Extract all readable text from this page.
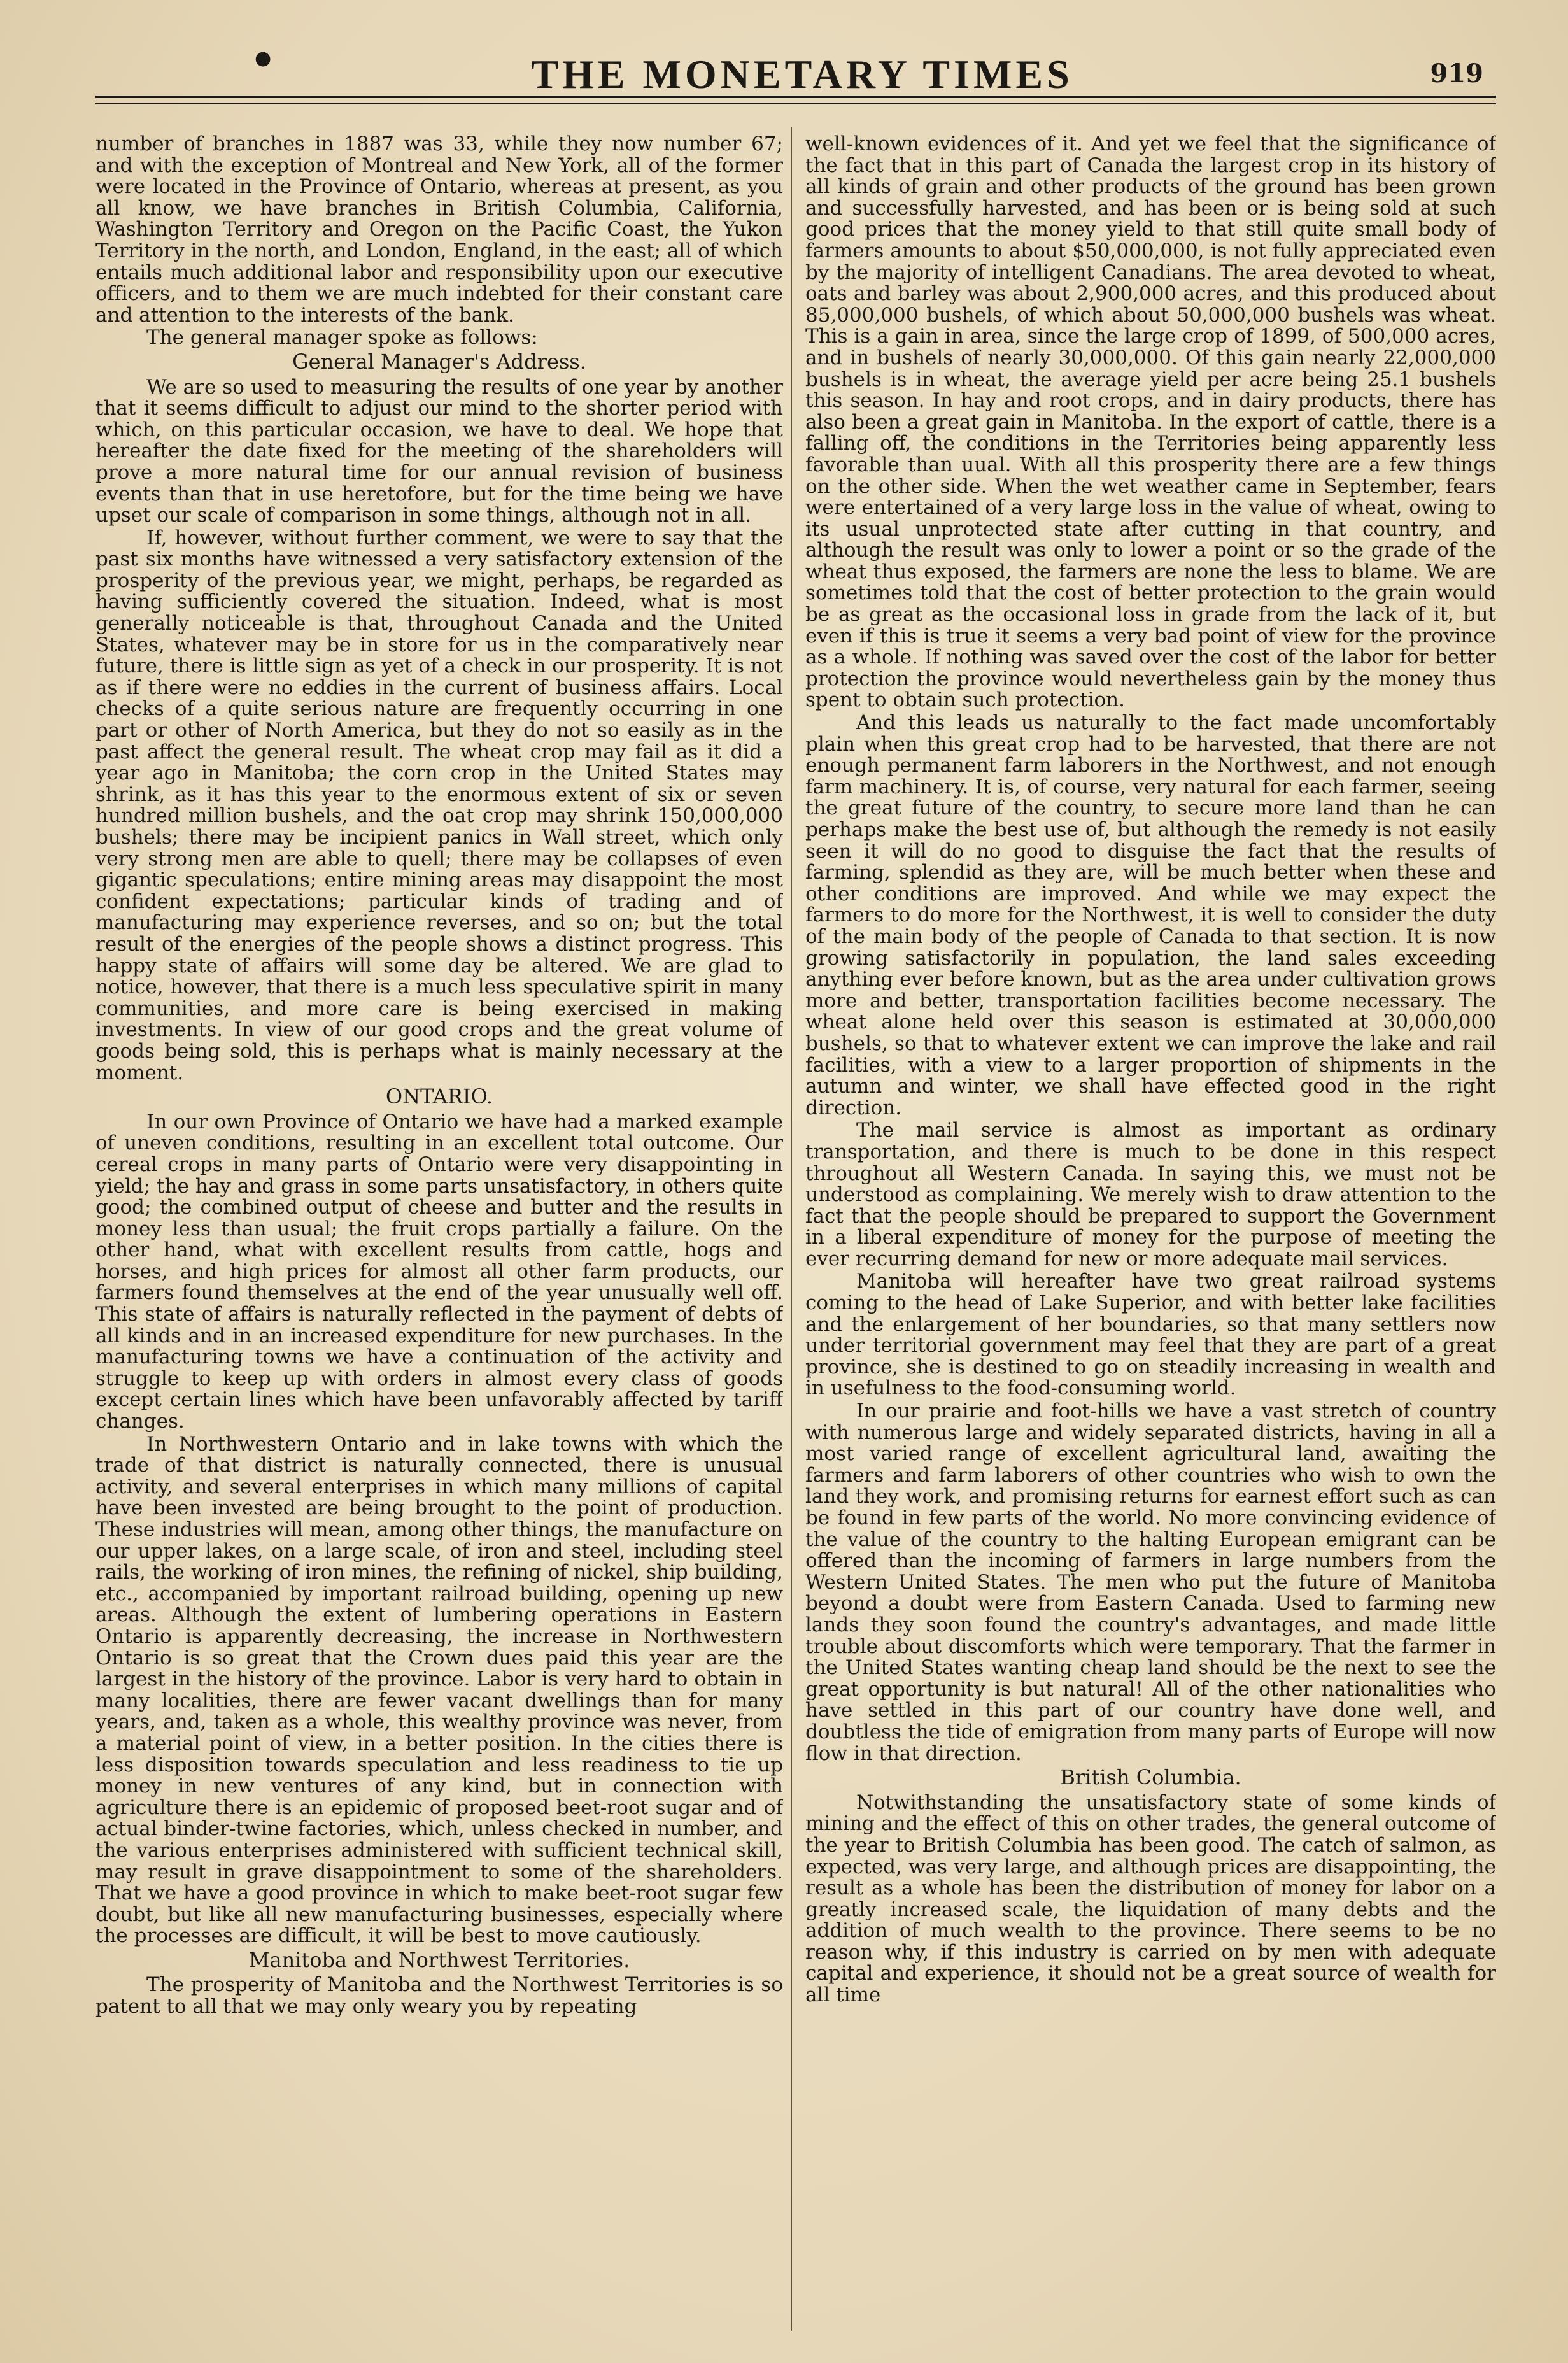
●	THE MONETARY TIMES	919

number of branches in 1887 was 33, while they now number 67; and with the exception of Montreal and New York, all of the former were located in the Province of Ontario, whereas at present, as you all know, we have branches in British Columbia, California, Washington Territory and Oregon on the Pacific Coast, the Yukon Territory in the north, and London, England, in the east; all of which entails much additional labor and responsibility upon our executive officers, and to them we are much indebted for their constant care and attention to the interests of the bank.

The general manager spoke as follows:

General Manager's Address.

We are so used to measuring the results of one year by another that it seems difficult to adjust our mind to the shorter period with which, on this particular occasion, we have to deal. We hope that hereafter the date fixed for the meeting of the shareholders will prove a more natural time for our annual revision of business events than that in use heretofore, but for the time being we have upset our scale of comparison in some things, although not in all.

If, however, without further comment, we were to say that the past six months have witnessed a very satisfactory extension of the prosperity of the previous year, we might, perhaps, be regarded as having sufficiently covered the situation. Indeed, what is most generally noticeable is that, throughout Canada and the United States, whatever may be in store for us in the comparatively near future, there is little sign as yet of a check in our prosperity. It is not as if there were no eddies in the current of business affairs. Local checks of a quite serious nature are frequently occurring in one part or other of North America, but they do not so easily as in the past affect the general result. The wheat crop may fail as it did a year ago in Manitoba; the corn crop in the United States may shrink, as it has this year to the enormous extent of six or seven hundred million bushels, and the oat crop may shrink 150,000,000 bushels; there may be incipient panics in Wall street, which only very strong men are able to quell; there may be collapses of even gigantic speculations; entire mining areas may disappoint the most confident expectations; particular kinds of trading and of manufacturing may experience reverses, and so on; but the total result of the energies of the people shows a distinct progress. This happy state of affairs will some day be altered. We are glad to notice, however, that there is a much less speculative spirit in many communities, and more care is being exercised in making investments. In view of our good crops and the great volume of goods being sold, this is perhaps what is mainly necessary at the moment.

ONTARIO.

In our own Province of Ontario we have had a marked example of uneven conditions, resulting in an excellent total outcome. Our cereal crops in many parts of Ontario were very disappointing in yield; the hay and grass in some parts unsatisfactory, in others quite good; the combined output of cheese and butter and the results in money less than usual; the fruit crops partially a failure. On the other hand, what with excellent results from cattle, hogs and horses, and high prices for almost all other farm products, our farmers found themselves at the end of the year unusually well off. This state of affairs is naturally reflected in the payment of debts of all kinds and in an increased expenditure for new purchases. In the manufacturing towns we have a continuation of the activity and struggle to keep up with orders in almost every class of goods except certain lines which have been unfavorably affected by tariff changes.

In Northwestern Ontario and in lake towns with which the trade of that district is naturally connected, there is unusual activity, and several enterprises in which many millions of capital have been invested are being brought to the point of production. These industries will mean, among other things, the manufacture on our upper lakes, on a large scale, of iron and steel, including steel rails, the working of iron mines, the refining of nickel, ship building, etc., accompanied by important railroad building, opening up new areas. Although the extent of lumbering operations in Eastern Ontario is apparently decreasing, the increase in Northwestern Ontario is so great that the Crown dues paid this year are the largest in the history of the province. Labor is very hard to obtain in many localities, there are fewer vacant dwellings than for many years, and, taken as a whole, this wealthy province was never, from a material point of view, in a better position. In the cities there is less disposition towards speculation and less readiness to tie up money in new ventures of any kind, but in connection with agriculture there is an epidemic of proposed beet-root sugar and of actual binder-twine factories, which, unless checked in number, and the various enterprises administered with sufficient technical skill, may result in grave disappointment to some of the shareholders. That we have a good province in which to make beet-root sugar few doubt, but like all new manufacturing businesses, especially where the processes are difficult, it will be best to move cautiously.

Manitoba and Northwest Territories.

The prosperity of Manitoba and the Northwest Territories is so patent to all that we may only weary you by repeating

well-known evidences of it. And yet we feel that the significance of the fact that in this part of Canada the largest crop in its history of all kinds of grain and other products of the ground has been grown and successfully harvested, and has been or is being sold at such good prices that the money yield to that still quite small body of farmers amounts to about $50,000,000, is not fully appreciated even by the majority of intelligent Canadians. The area devoted to wheat, oats and barley was about 2,900,000 acres, and this produced about 85,000,000 bushels, of which about 50,000,000 bushels was wheat. This is a gain in area, since the large crop of 1899, of 500,000 acres, and in bushels of nearly 30,000,000. Of this gain nearly 22,000,000 bushels is in wheat, the average yield per acre being 25.1 bushels this season. In hay and root crops, and in dairy products, there has also been a great gain in Manitoba. In the export of cattle, there is a falling off, the conditions in the Territories being apparently less favorable than uual. With all this prosperity there are a few things on the other side. When the wet weather came in September, fears were entertained of a very large loss in the value of wheat, owing to its usual unprotected state after cutting in that country, and although the result was only to lower a point or so the grade of the wheat thus exposed, the farmers are none the less to blame. We are sometimes told that the cost of better protection to the grain would be as great as the occasional loss in grade from the lack of it, but even if this is true it seems a very bad point of view for the province as a whole. If nothing was saved over the cost of the labor for better protection the province would nevertheless gain by the money thus spent to obtain such protection.

And this leads us naturally to the fact made uncomfortably plain when this great crop had to be harvested, that there are not enough permanent farm laborers in the Northwest, and not enough farm machinery. It is, of course, very natural for each farmer, seeing the great future of the country, to secure more land than he can perhaps make the best use of, but although the remedy is not easily seen it will do no good to disguise the fact that the results of farming, splendid as they are, will be much better when these and other conditions are improved. And while we may expect the farmers to do more for the Northwest, it is well to consider the duty of the main body of the people of Canada to that section. It is now growing satisfactorily in population, the land sales exceeding anything ever before known, but as the area under cultivation grows more and better, transportation facilities become necessary. The wheat alone held over this season is estimated at 30,000,000 bushels, so that to whatever extent we can improve the lake and rail facilities, with a view to a larger proportion of shipments in the autumn and winter, we shall have effected good in the right direction.

The mail service is almost as important as ordinary transportation, and there is much to be done in this respect throughout all Western Canada. In saying this, we must not be understood as complaining. We merely wish to draw attention to the fact that the people should be prepared to support the Government in a liberal expenditure of money for the purpose of meeting the ever recurring demand for new or more adequate mail services.

Manitoba will hereafter have two great railroad systems coming to the head of Lake Superior, and with better lake facilities and the enlargement of her boundaries, so that many settlers now under territorial government may feel that they are part of a great province, she is destined to go on steadily increasing in wealth and in usefulness to the food-consuming world.

In our prairie and foot-hills we have a vast stretch of country with numerous large and widely separated districts, having in all a most varied range of excellent agricultural land, awaiting the farmers and farm laborers of other countries who wish to own the land they work, and promising returns for earnest effort such as can be found in few parts of the world. No more convincing evidence of the value of the country to the halting European emigrant can be offered than the incoming of farmers in large numbers from the Western United States. The men who put the future of Manitoba beyond a doubt were from Eastern Canada. Used to farming new lands they soon found the country's advantages, and made little trouble about discomforts which were temporary. That the farmer in the United States wanting cheap land should be the next to see the great opportunity is but natural! All of the other nationalities who have settled in this part of our country have done well, and doubtless the tide of emigration from many parts of Europe will now flow in that direction.

British Columbia.

Notwithstanding the unsatisfactory state of some kinds of mining and the effect of this on other trades, the general outcome of the year to British Columbia has been good. The catch of salmon, as expected, was very large, and although prices are disappointing, the result as a whole has been the distribution of money for labor on a greatly increased scale, the liquidation of many debts and the addition of much wealth to the province. There seems to be no reason why, if this industry is carried on by men with adequate capital and experience, it should not be a great source of wealth for all time
